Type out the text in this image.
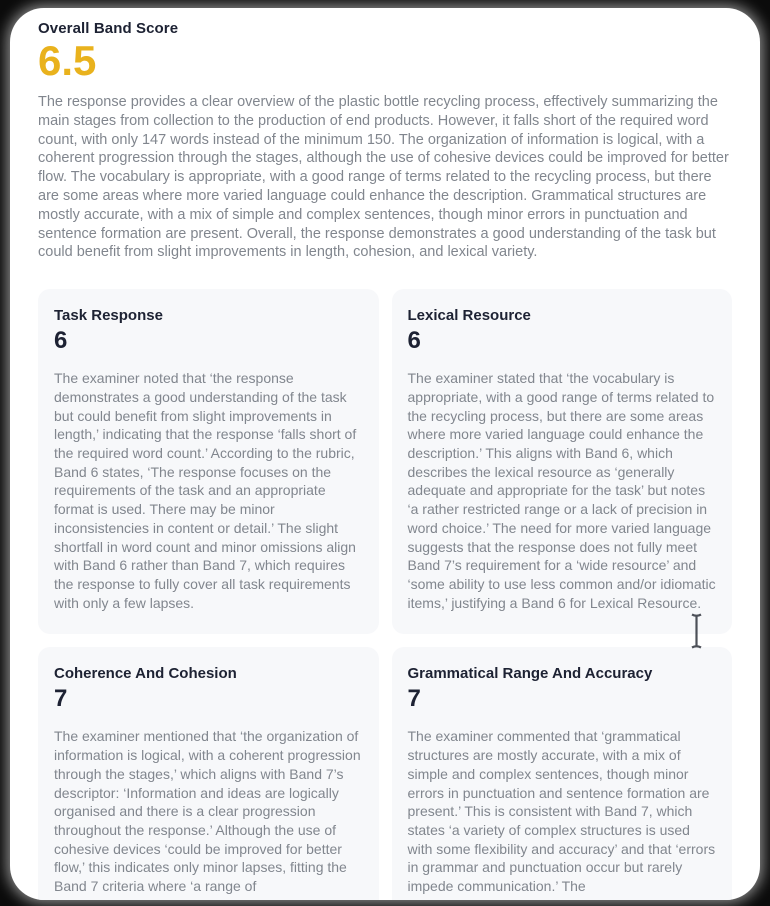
Overall Band Score
6.5

The response provides a clear overview of the plastic bottle recycling process, effectively summarizing the main stages from collection to the production of end products. However, it falls short of the required word count, with only 147 words instead of the minimum 150. The organization of information is logical, with a coherent progression through the stages, although the use of cohesive devices could be improved for better flow. The vocabulary is appropriate, with a good range of terms related to the recycling process, but there are some areas where more varied language could enhance the description. Grammatical structures are mostly accurate, with a mix of simple and complex sentences, though minor errors in punctuation and sentence formation are present. Overall, the response demonstrates a good understanding of the task but could benefit from slight improvements in length, cohesion, and lexical variety.

Task Response
6

The examiner noted that ‘the response demonstrates a good understanding of the task but could benefit from slight improvements in length,’ indicating that the response ‘falls short of the required word count.’ According to the rubric, Band 6 states, ‘The response focuses on the requirements of the task and an appropriate format is used. There may be minor inconsistencies in content or detail.’ The slight shortfall in word count and minor omissions align with Band 6 rather than Band 7, which requires the response to fully cover all task requirements with only a few lapses.

Lexical Resource
6

The examiner stated that ‘the vocabulary is appropriate, with a good range of terms related to the recycling process, but there are some areas where more varied language could enhance the description.’ This aligns with Band 6, which describes the lexical resource as ‘generally adequate and appropriate for the task’ but notes ‘a rather restricted range or a lack of precision in word choice.’ The need for more varied language suggests that the response does not fully meet Band 7’s requirement for a ‘wide resource’ and ‘some ability to use less common and/or idiomatic items,’ justifying a Band 6 for Lexical Resource.

Coherence And Cohesion
7

The examiner mentioned that ‘the organization of information is logical, with a coherent progression through the stages,’ which aligns with Band 7’s descriptor: ‘Information and ideas are logically organised and there is a clear progression throughout the response.’ Although the use of cohesive devices ‘could be improved for better flow,’ this indicates only minor lapses, fitting the Band 7 criteria where ‘a range of

Grammatical Range And Accuracy
7

The examiner commented that ‘grammatical structures are mostly accurate, with a mix of simple and complex sentences, though minor errors in punctuation and sentence formation are present.’ This is consistent with Band 7, which states ‘a variety of complex structures is used with some flexibility and accuracy’ and that ‘errors in grammar and punctuation occur but rarely impede communication.’ The
